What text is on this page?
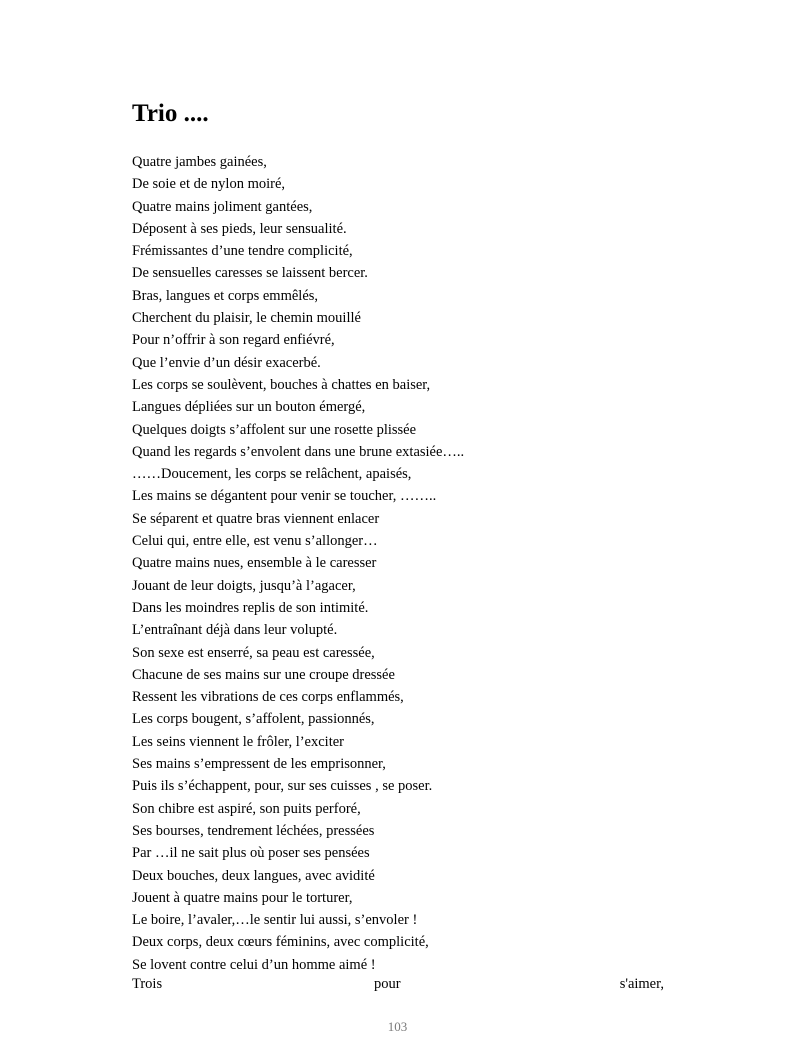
Trio ....
Quatre jambes gainées,
De soie et de nylon moiré,
Quatre mains joliment gantées,
Déposent à ses pieds, leur sensualité.
Frémissantes d’une tendre complicité,
De sensuelles caresses se laissent bercer.
Bras, langues et corps emmêlés,
Cherchent du plaisir, le chemin mouillé
Pour n’offrir à son regard enfiévré,
Que l’envie d’un désir exacerbé.
Les corps se soulèvent, bouches à chattes en baiser,
Langues dépliées sur un bouton émergé,
Quelques doigts s’affolent sur une rosette plissée
Quand les regards s’envolent dans une brune extasiée…..
……Doucement, les corps se relâchent, apaisés,
Les mains se dégantent pour venir se toucher, ……..
Se séparent et quatre bras viennent enlacer
Celui qui, entre elle, est venu s’allonger…
Quatre mains nues, ensemble à le caresser
Jouant de leur doigts, jusqu’à l’agacer,
Dans les moindres replis de son intimité.
L’entraînant déjà dans leur volupté.
Son sexe est enserré, sa peau est caressée,
Chacune de ses mains sur une croupe dressée
Ressent les vibrations de ces corps enflammés,
Les corps bougent, s’affolent, passionnés,
Les seins viennent le frôler, l’exciter
Ses mains s’empressent de les emprisonner,
Puis ils s’échappent, pour, sur ses cuisses , se poser.
Son chibre est aspiré, son puits perforé,
Ses bourses, tendrement léchées, pressées
Par …il ne sait plus où poser ses pensées
Deux bouches, deux langues, avec avidité
Jouent à quatre mains pour le torturer,
Le boire, l’avaler,…le sentir lui aussi, s’envoler !
Deux corps, deux cœurs féminins, avec complicité,
Se lovent contre celui d’un homme aimé !
Trois	pour	s'aimer,
103
